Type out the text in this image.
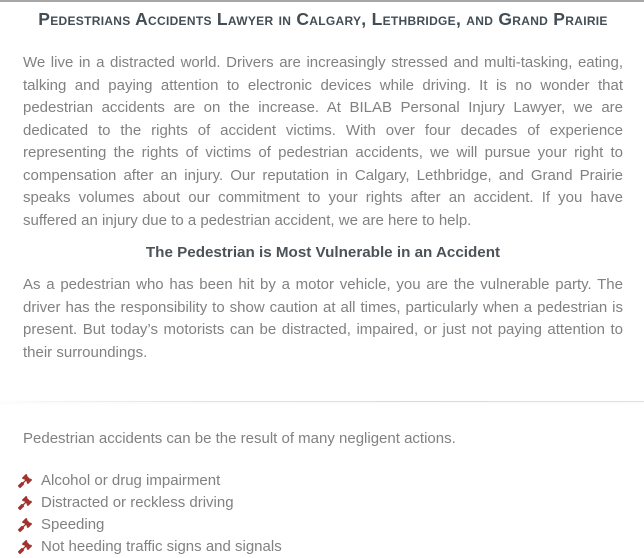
Pedestrians Accidents Lawyer in Calgary, Lethbridge, and Grand Prairie

We live in a distracted world. Drivers are increasingly stressed and multi-tasking, eating, talking and paying attention to electronic devices while driving. It is no wonder that pedestrian accidents are on the increase. At BILAB Personal Injury Lawyer, we are dedicated to the rights of accident victims. With over four decades of experience representing the rights of victims of pedestrian accidents, we will pursue your right to compensation after an injury. Our reputation in Calgary, Lethbridge, and Grand Prairie speaks volumes about our commitment to your rights after an accident. If you have suffered an injury due to a pedestrian accident, we are here to help.

The Pedestrian is Most Vulnerable in an Accident

As a pedestrian who has been hit by a motor vehicle, you are the vulnerable party. The driver has the responsibility to show caution at all times, particularly when a pedestrian is present. But today’s motorists can be distracted, impaired, or just not paying attention to their surroundings.

Pedestrian accidents can be the result of many negligent actions.

Alcohol or drug impairment
Distracted or reckless driving
Speeding
Not heeding traffic signs and signals
